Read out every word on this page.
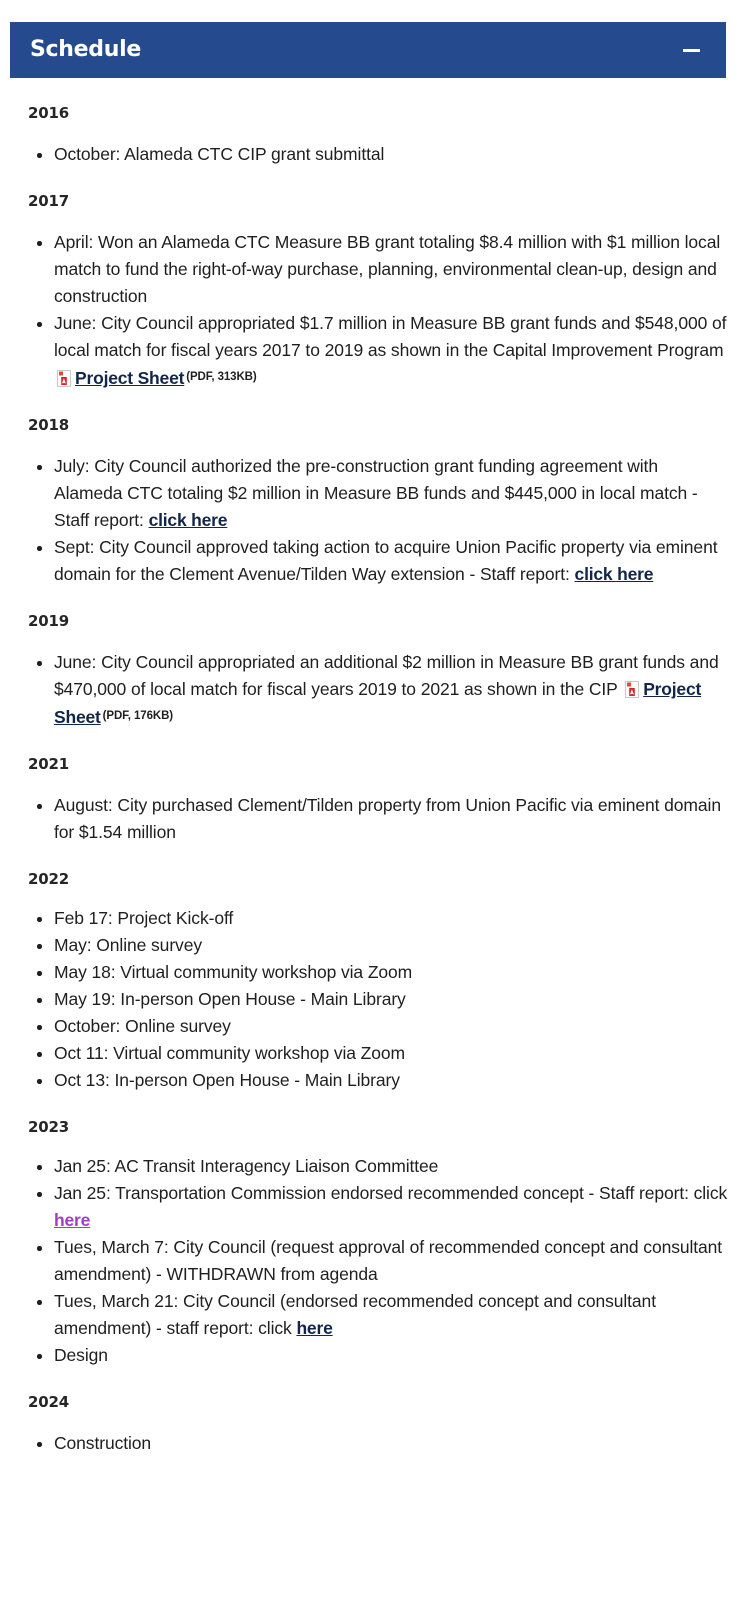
Schedule
2016
October: Alameda CTC CIP grant submittal
2017
April: Won an Alameda CTC Measure BB grant totaling $8.4 million with $1 million local match to fund the right-of-way purchase, planning, environmental clean-up, design and construction
June: City Council appropriated $1.7 million in Measure BB grant funds and $548,000 of local match for fiscal years 2017 to 2019 as shown in the Capital Improvement Program
Project Sheet $^{(PDF, 313KB)}$
2018
July: City Council authorized the pre-construction grant funding agreement with Alameda CTC totaling $2 million in Measure BB funds and $445,000 in local match - Staff report: click here
Sept: City Council approved taking action to acquire Union Pacific property via eminent domain for the Clement Avenue/Tilden Way extension - Staff report: click here
2019
June: City Council appropriated an additional $2 million in Measure BB grant funds and $470,000 of local match for fiscal years 2019 to 2021 as shown in the CIP
Project Sheet $^{(PDF, 176KB)}$
2021
August: City purchased Clement/Tilden property from Union Pacific via eminent domain for $1.54 million
2022
Feb 17: Project Kick-off
May: Online survey
May 18: Virtual community workshop via Zoom
May 19: In-person Open House - Main Library
October: Online survey
Oct 11: Virtual community workshop via Zoom
Oct 13: In-person Open House - Main Library
2023
Jan 25: AC Transit Interagency Liaison Committee
Jan 25: Transportation Commission endorsed recommended concept - Staff report: click here
Tues, March 7: City Council (request approval of recommended concept and consultant amendment) - WITHDRAWN from agenda
Tues, March 21: City Council (endorsed recommended concept and consultant amendment) - staff report: click here
Design
2024
Construction
